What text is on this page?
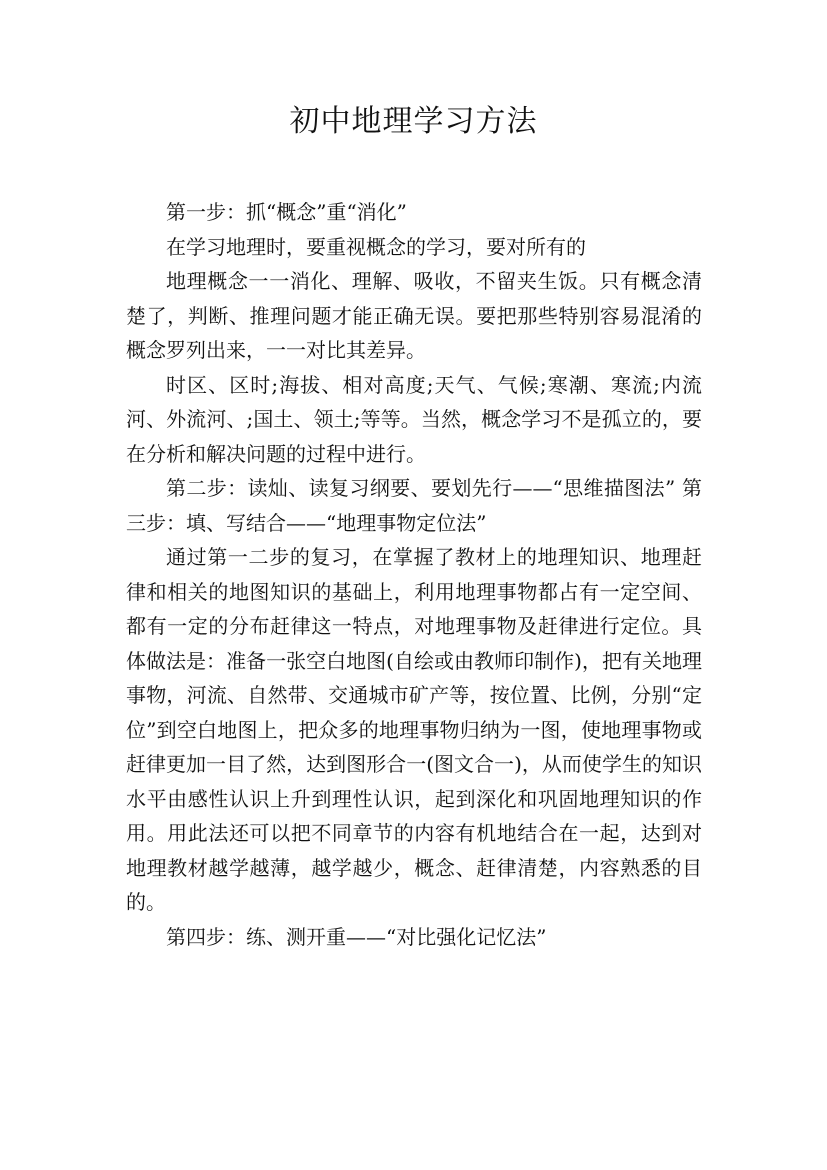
初中地理学习方法

第一步：抓“概念”重“消化”

在学习地理时，要重视概念的学习，要对所有的

地理概念一一消化、理解、吸收，不留夹生饭。只有概念清楚了，判断、推理问题才能正确无误。要把那些特别容易混淆的概念罗列出来，一一对比其差异。

时区、区时;海拔、相对高度;天气、气候;寒潮、寒流;内流河、外流河、;国土、领土;等等。当然，概念学习不是孤立的，要在分析和解决问题的过程中进行。

第二步：读灿、读复习纲要、要划先行——“思维描图法” 第三步：填、写结合——“地理事物定位法”

通过第一二步的复习，在掌握了教材上的地理知识、地理赶律和相关的地图知识的基础上，利用地理事物都占有一定空间、都有一定的分布赶律这一特点，对地理事物及赶律进行定位。具体做法是：准备一张空白地图(自绘或由教师印制作)，把有关地理事物，河流、自然带、交通城市矿产等，按位置、比例，分别“定位”到空白地图上，把众多的地理事物归纳为一图，使地理事物或赶律更加一目了然，达到图形合一(图文合一)，从而使学生的知识水平由感性认识上升到理性认识，起到深化和巩固地理知识的作用。用此法还可以把不同章节的内容有机地结合在一起，达到对地理教材越学越薄，越学越少，概念、赶律清楚，内容熟悉的目的。

第四步：练、测开重——“对比强化记忆法”
